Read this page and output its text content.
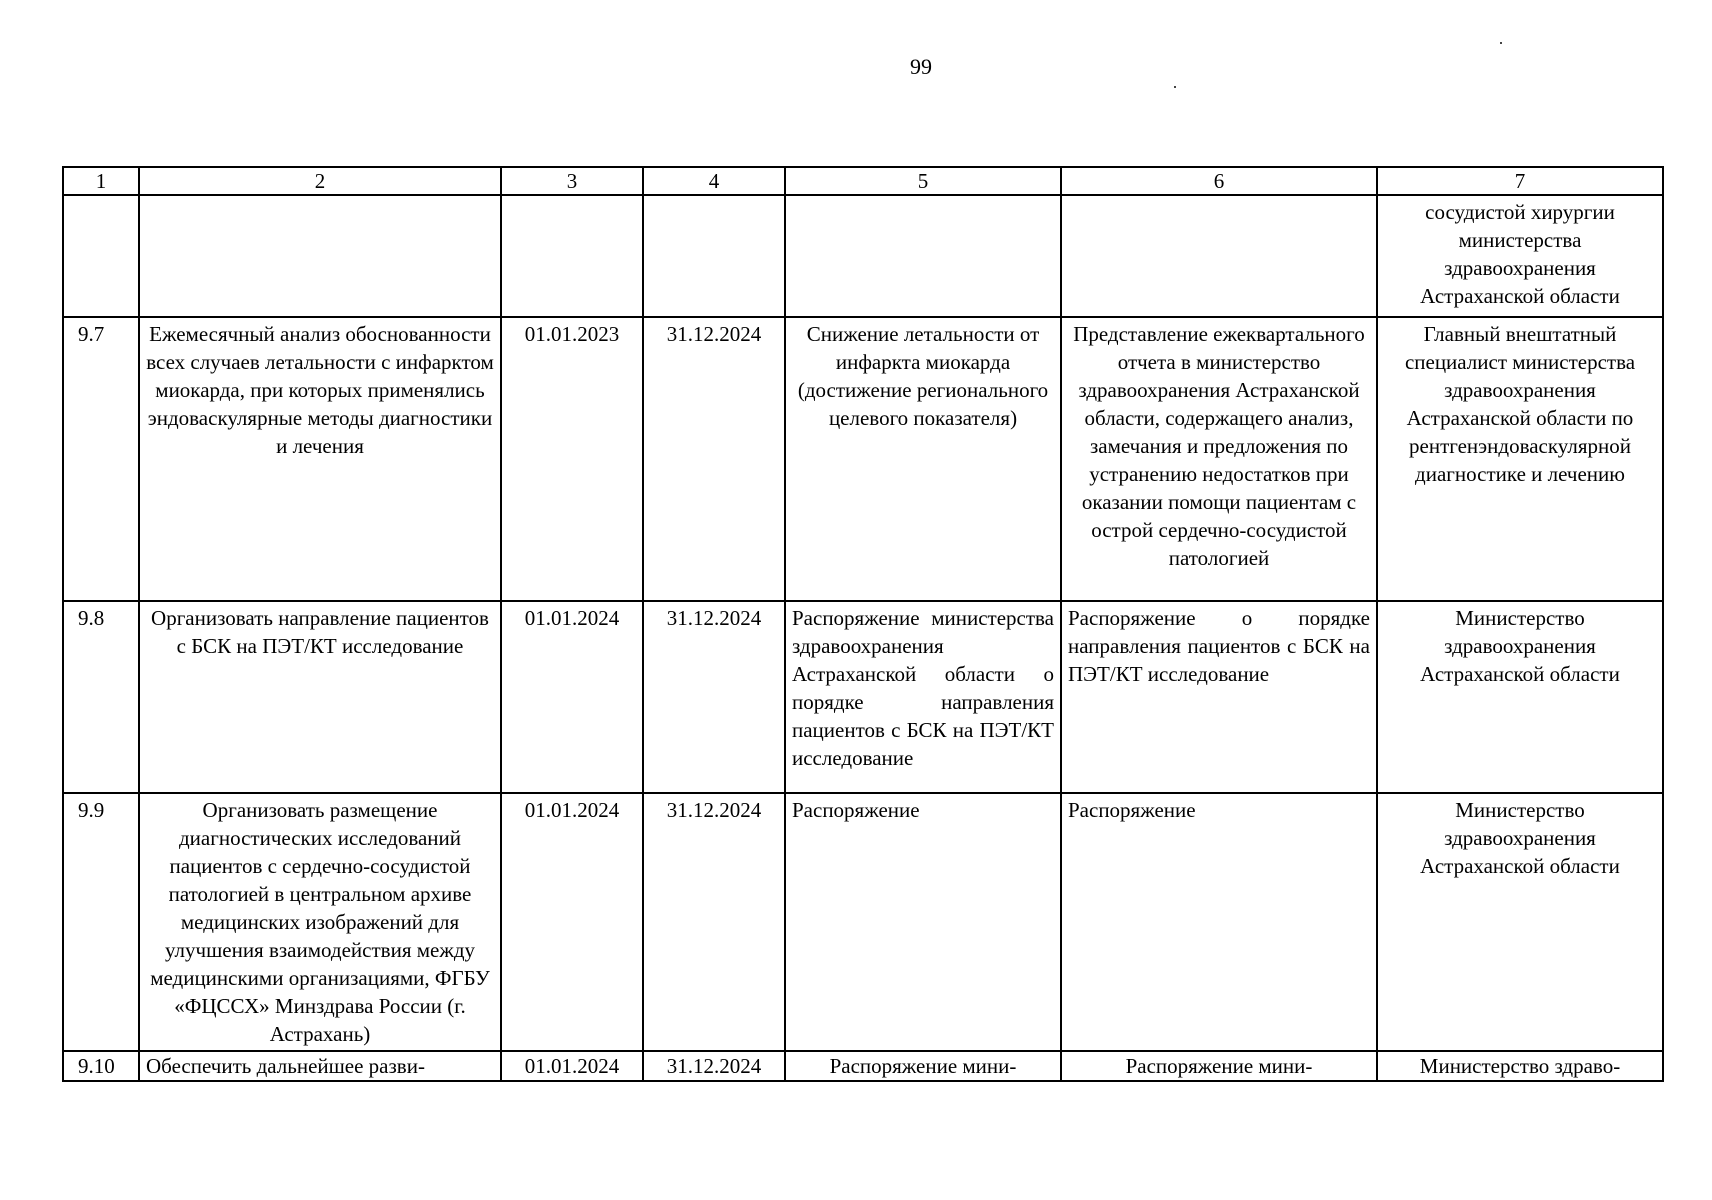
99
1	2	3	4	5	6	7
						сосудистой хирургии министерства здравоохранения Астраханской области
9.7	Ежемесячный анализ обоснованности всех случаев летальности с инфарктом миокарда, при которых применялись эндоваскулярные методы диагностики и лечения	01.01.2023	31.12.2024	Снижение летальности от инфаркта миокарда (достижение регионального целевого показателя)	Представление ежеквартального отчета в министерство здравоохранения Астраханской области, содержащего анализ, замечания и предложения по устранению недостатков при оказании помощи пациентам с острой сердечно-сосудистой патологией	Главный внештатный специалист министерства здравоохранения Астраханской области по рентгенэндоваскулярной диагностике и лечению
9.8	Организовать направление пациентов с БСК на ПЭТ/КТ исследование	01.01.2024	31.12.2024	Распоряжение министерства здравоохранения Астраханской области о порядке направления пациентов с БСК на ПЭТ/КТ исследование	Распоряжение о порядке направления пациентов с БСК на ПЭТ/КТ исследование	Министерство здравоохранения Астраханской области
9.9	Организовать размещение диагностических исследований пациентов с сердечно-сосудистой патологией в центральном архиве медицинских изображений для улучшения взаимодействия между медицинскими организациями, ФГБУ «ФЦССХ» Минздрава России (г. Астрахань)	01.01.2024	31.12.2024	Распоряжение	Распоряжение	Министерство здравоохранения Астраханской области
9.10	Обеспечить дальнейшее разви-	01.01.2024	31.12.2024	Распоряжение мини-	Распоряжение мини-	Министерство здраво-
